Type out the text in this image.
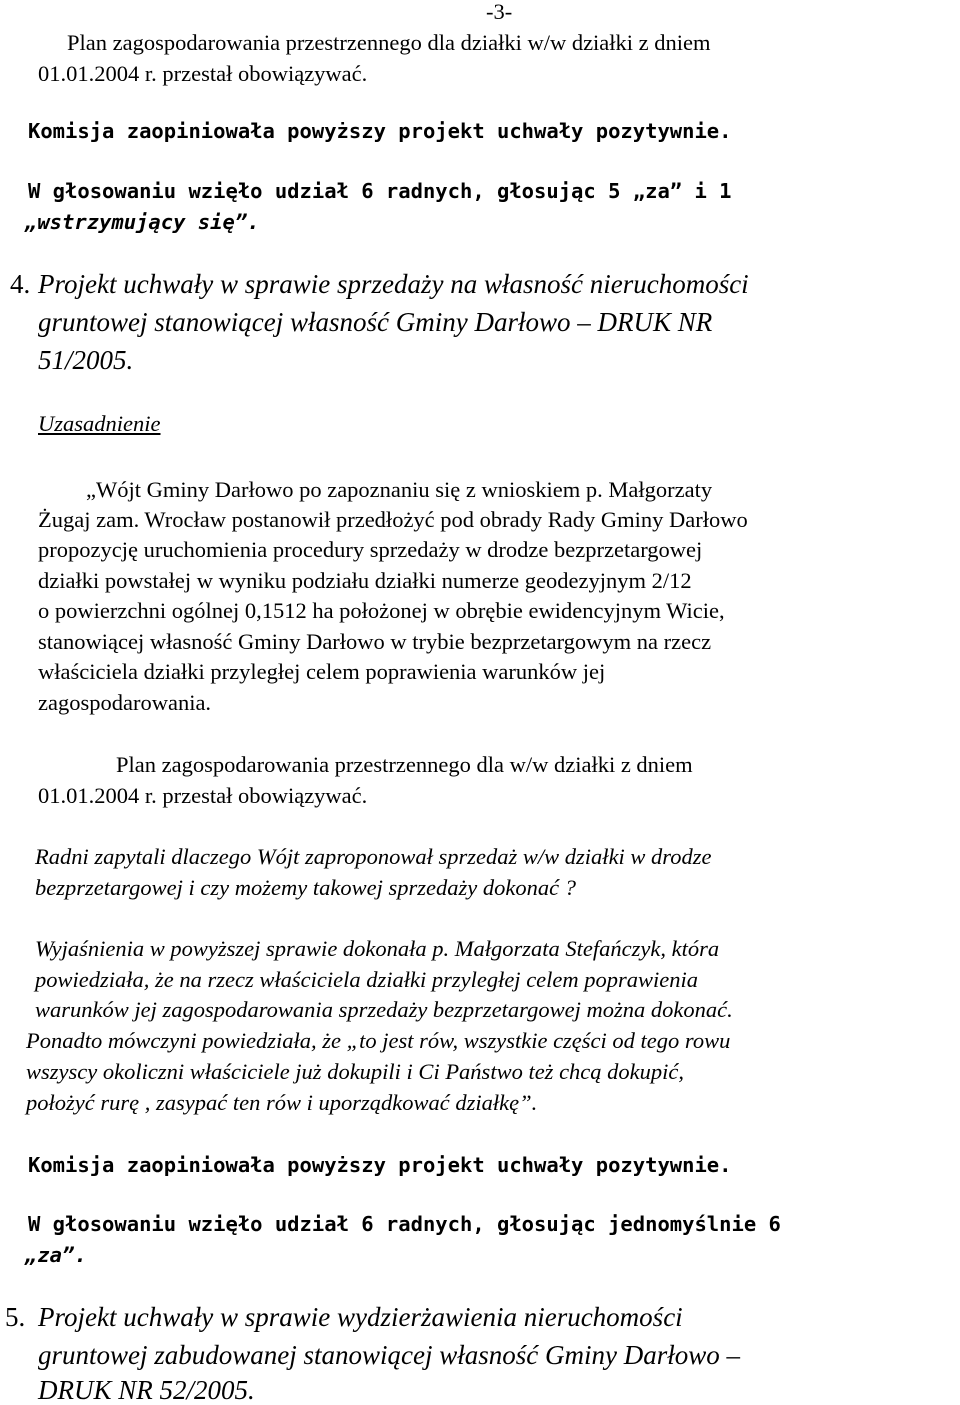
-3-
Plan zagospodarowania przestrzennego dla działki w/w działki z dniem
01.01.2004 r. przestał obowiązywać.
Komisja zaopiniowała powyższy projekt uchwały pozytywnie.
W głosowaniu wzięło udział 6 radnych, głosując 5 „za” i 1
„wstrzymujący się”.
4. Projekt uchwały w sprawie sprzedaży na własność nieruchomości
gruntowej stanowiącej własność Gminy Darłowo – DRUK NR
51/2005.
Uzasadnienie
„Wójt Gminy Darłowo po zapoznaniu się z wnioskiem p. Małgorzaty
Żugaj zam. Wrocław postanowił przedłożyć pod obrady Rady Gminy Darłowo
propozycję uruchomienia procedury sprzedaży w drodze bezprzetargowej
działki powstałej w wyniku podziału działki numerze geodezyjnym 2/12
o powierzchni ogólnej 0,1512 ha położonej w obrębie ewidencyjnym Wicie,
stanowiącej własność Gminy Darłowo w trybie bezprzetargowym na rzecz
właściciela działki przyległej celem poprawienia warunków jej
zagospodarowania.
Plan zagospodarowania przestrzennego dla w/w działki z dniem
01.01.2004 r. przestał obowiązywać.
Radni zapytali dlaczego Wójt zaproponował sprzedaż w/w działki w drodze
bezprzetargowej i czy możemy takowej sprzedaży dokonać ?
Wyjaśnienia w powyższej sprawie dokonała p. Małgorzata Stefańczyk, która
powiedziała, że na rzecz właściciela działki przyległej celem poprawienia
warunków jej zagospodarowania sprzedaży bezprzetargowej można dokonać.
Ponadto mówczyni powiedziała, że „to jest rów, wszystkie części od tego rowu
wszyscy okoliczni właściciele już dokupili i Ci Państwo też chcą dokupić,
położyć rurę , zasypać ten rów i uporządkować działkę”.
Komisja zaopiniowała powyższy projekt uchwały pozytywnie.
W głosowaniu wzięło udział 6 radnych, głosując jednomyślnie 6
„za”.
5. Projekt uchwały w sprawie wydzierżawienia nieruchomości
gruntowej zabudowanej stanowiącej własność Gminy Darłowo –
DRUK NR 52/2005.
